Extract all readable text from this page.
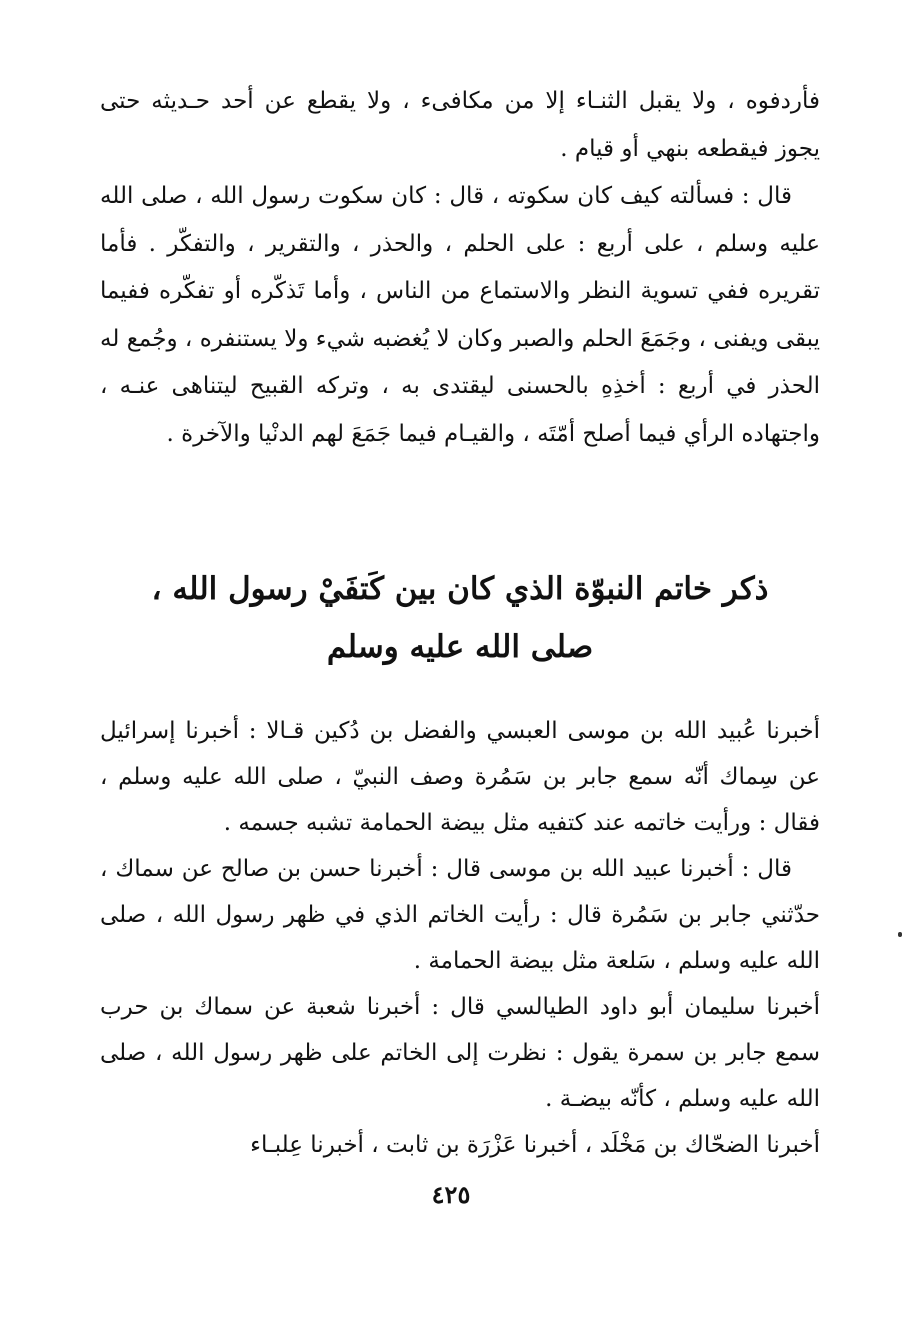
فأردفوه ، ولا يقبل الثنـاء إلا من مكافىء ، ولا يقطع عن أحد حـديثه حتى يجوز فيقطعه بنهي أو قيام .

قال : فسألته كيف كان سكوته ، قال : كان سكوت رسول الله ، صلى الله عليه وسلم ، على أربع : على الحلم ، والحذر ، والتقرير ، والتفكّر . فأما تقريره ففي تسوية النظر والاستماع من الناس ، وأما تَذكّره أو تفكّره ففيما يبقى ويفنى ، وجَمَعَ الحلم والصبر وكان لا يُغضبه شيء ولا يستنفره ، وجُمع له الحذر في أربع : أخذِهِ بالحسنى ليقتدى به ، وتركه القبيح ليتناهى عنـه ، واجتهاده الرأي فيما أصلح أمّتَه ، والقيـام فيما جَمَعَ لهم الدنْيا والآخرة .

ذكر خاتم النبوّة الذي كان بين كَتفَيْ رسول الله ،
صلى الله عليه وسلم

أخبرنا عُبيد الله بن موسى العبسي والفضل بن دُكين قـالا : أخبرنا إسرائيل عن سِماك أنّه سمع جابر بن سَمُرة وصف النبيّ ، صلى الله عليه وسلم ، فقال : ورأيت خاتمه عند كتفيه مثل بيضة الحمامة تشبه جسمه .

قال : أخبرنا عبيد الله بن موسى قال : أخبرنا حسن بن صالح عن سماك ، حدّثني جابر بن سَمُرة قال : رأيت الخاتم الذي في ظهر رسول الله ، صلى الله عليه وسلم ، سَلعة مثل بيضة الحمامة .

أخبرنا سليمان أبو داود الطيالسي قال : أخبرنا شعبة عن سماك بن حرب سمع جابر بن سمرة يقول : نظرت إلى الخاتم على ظهر رسول الله ، صلى الله عليه وسلم ، كأنّه بيضـة .

أخبرنا الضحّاك بن مَخْلَد ، أخبرنا عَزْرَة بن ثابت ، أخبرنا عِلبـاء

٤٢٥
